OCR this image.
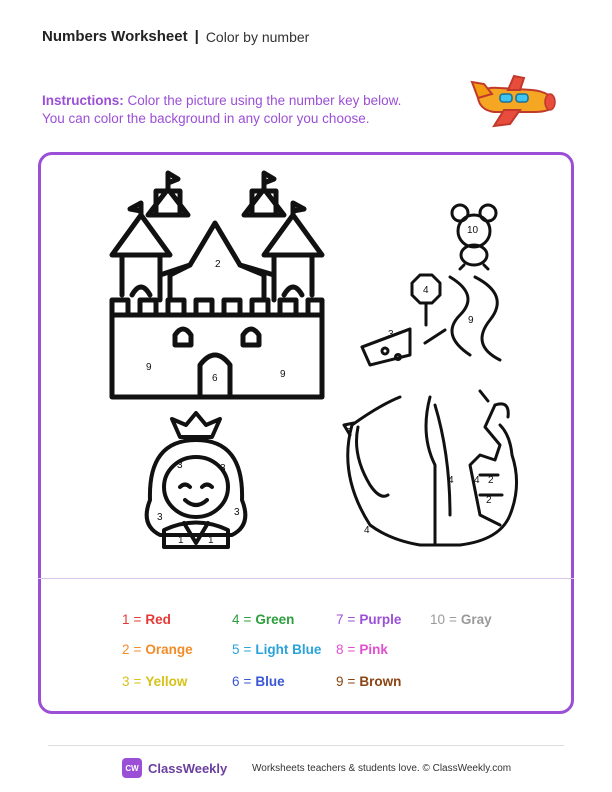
Numbers Worksheet | Color by number
Instructions: Color the picture using the number key below.
You can color the background in any color you choose.
2
9
6	9
10
4
9
3
2
3	3
3	3
1 1
7
4 4 2
2
4
1 = Red
2 = Orange
3 = Yellow
4 = Green
5 = Light Blue
6 = Blue
7 = Purple
8 = Pink
9 = Brown
10 = Gray
CW ClassWeekly Worksheets teachers & students love. © ClassWeekly.com
